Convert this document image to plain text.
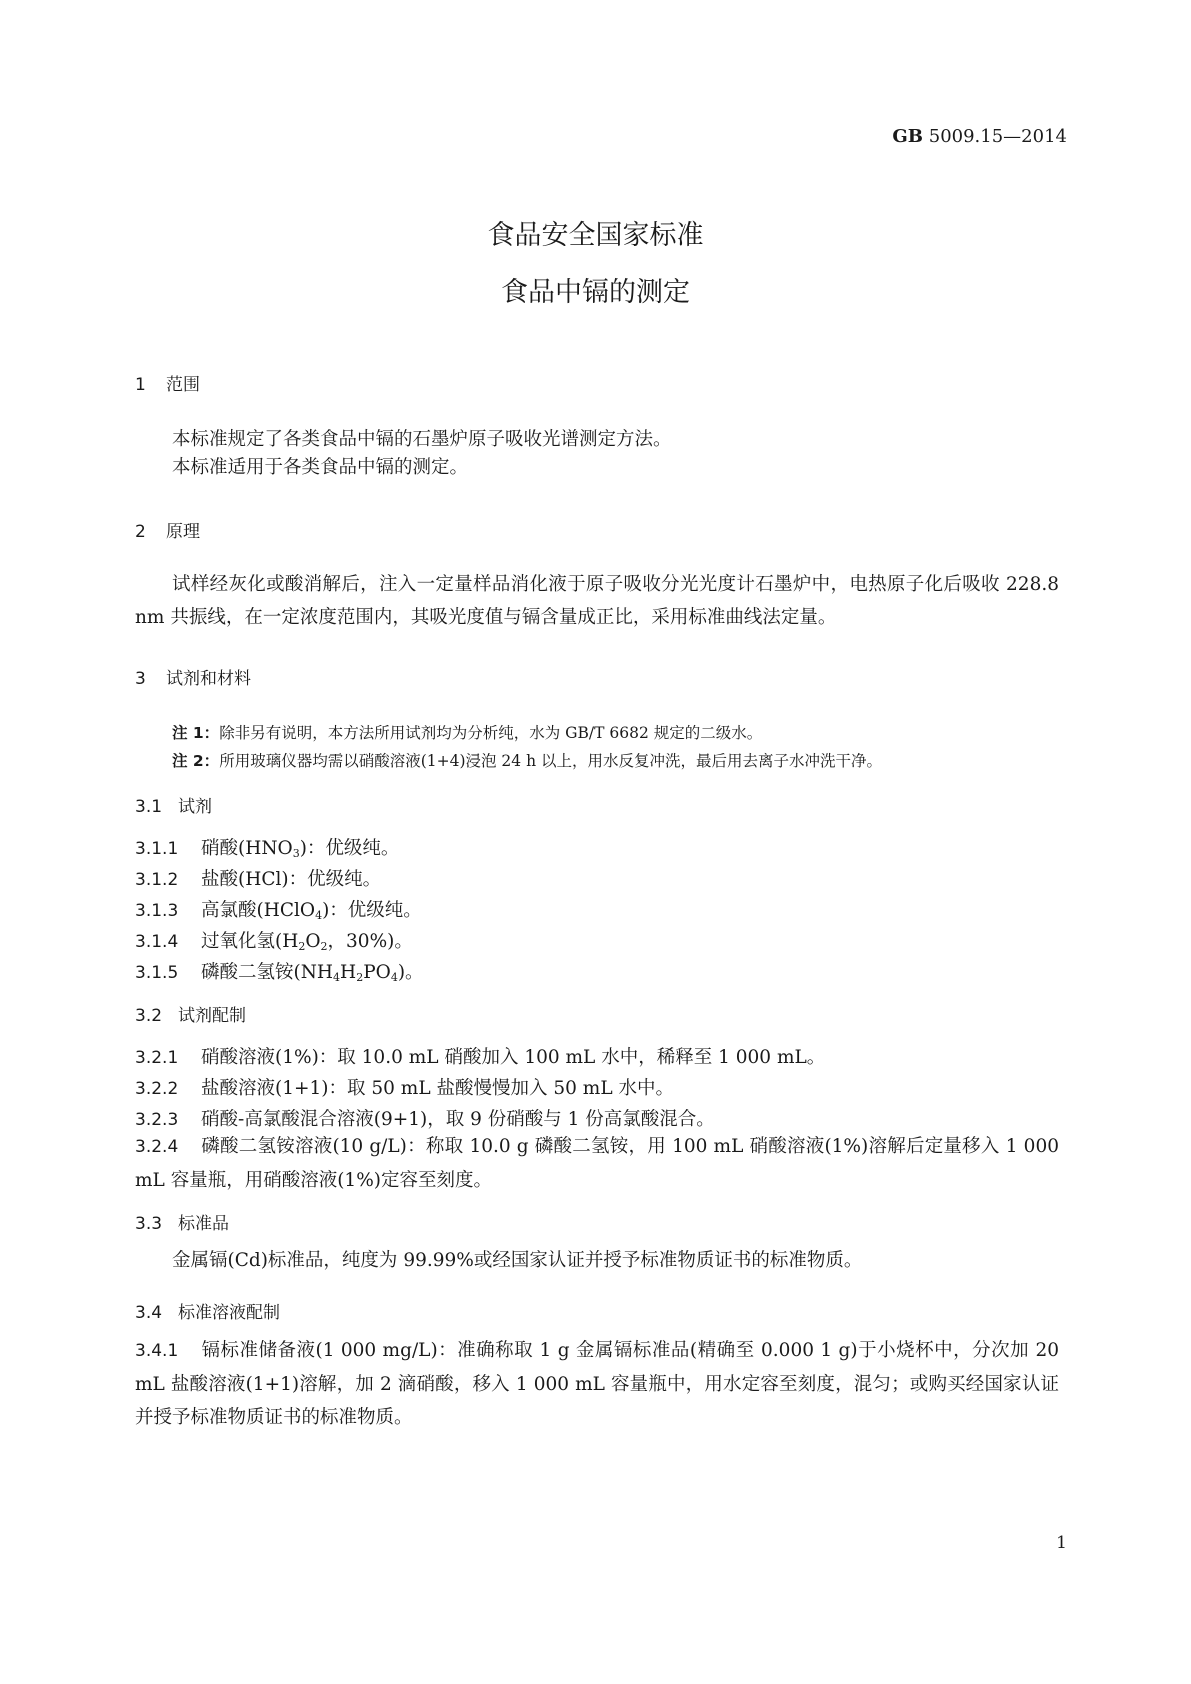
GB 5009.15—2014
食品安全国家标准
食品中镉的测定
1 范围
本标准规定了各类食品中镉的石墨炉原子吸收光谱测定方法。
本标准适用于各类食品中镉的测定。
2 原理
试样经灰化或酸消解后，注入一定量样品消化液于原子吸收分光光度计石墨炉中，电热原子化后吸收 228.8 nm 共振线，在一定浓度范围内，其吸光度值与镉含量成正比，采用标准曲线法定量。
3 试剂和材料
注 1：除非另有说明，本方法所用试剂均为分析纯，水为 GB/T 6682 规定的二级水。
注 2：所用玻璃仪器均需以硝酸溶液(1+4)浸泡 24 h 以上，用水反复冲洗，最后用去离子水冲洗干净。
3.1 试剂
3.1.1 硝酸$(HNO_3)$：优级纯。
3.1.2 盐酸(HCl)：优级纯。
3.1.3 高氯酸(HClO$_4$)：优级纯。
3.1.4 过氧化氢($H_2O_2$，30%)。
3.1.5 磷酸二氢铵$(NH_4H_2PO_4)$。
3.2 试剂配制
3.2.1 硝酸溶液(1%)：取 10.0 mL 硝酸加入 100 mL 水中，稀释至 1 000 mL。
3.2.2 盐酸溶液(1+1)：取 50 mL 盐酸慢慢加入 50 mL 水中。
3.2.3 硝酸-高氯酸混合溶液(9+1)，取 9 份硝酸与 1 份高氯酸混合。
3.2.4 磷酸二氢铵溶液(10 g/L)：称取 10.0 g 磷酸二氢铵，用 100 mL 硝酸溶液(1%)溶解后定量移入 1 000 mL 容量瓶，用硝酸溶液(1%)定容至刻度。
3.3 标准品
金属镉(Cd)标准品，纯度为 99.99%或经国家认证并授予标准物质证书的标准物质。
3.4 标准溶液配制
3.4.1 镉标准储备液(1 000 mg/L)：准确称取 1 g 金属镉标准品(精确至 0.000 1 g)于小烧杯中，分次加 20 mL 盐酸溶液(1+1)溶解，加 2 滴硝酸，移入 1 000 mL 容量瓶中，用水定容至刻度，混匀；或购买经国家认证并授予标准物质证书的标准物质。
1
